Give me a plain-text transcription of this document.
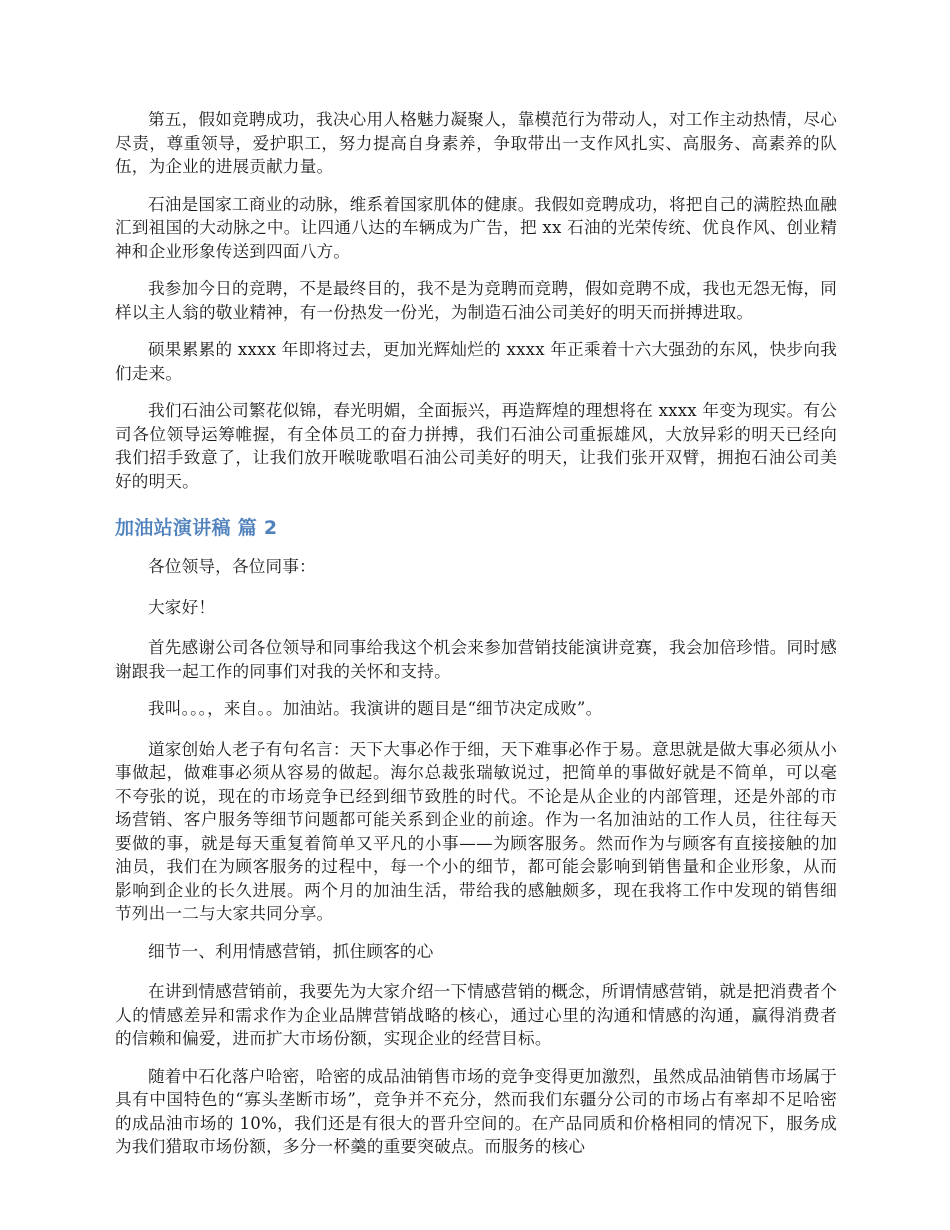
第五，假如竞聘成功，我决心用人格魅力凝聚人，靠模范行为带动人，对工作主动热情，尽心尽责，尊重领导，爱护职工，努力提高自身素养，争取带出一支作风扎实、高服务、高素养的队伍，为企业的进展贡献力量。

石油是国家工商业的动脉，维系着国家肌体的健康。我假如竞聘成功，将把自己的满腔热血融汇到祖国的大动脉之中。让四通八达的车辆成为广告，把 xx 石油的光荣传统、优良作风、创业精神和企业形象传送到四面八方。

我参加今日的竞聘，不是最终目的，我不是为竞聘而竞聘，假如竞聘不成，我也无怨无悔，同样以主人翁的敬业精神，有一份热发一份光，为制造石油公司美好的明天而拼搏进取。

硕果累累的 xxxx 年即将过去，更加光辉灿烂的 xxxx 年正乘着十六大强劲的东风，快步向我们走来。

我们石油公司繁花似锦，春光明媚，全面振兴，再造辉煌的理想将在 xxxx 年变为现实。有公司各位领导运筹帷握，有全体员工的奋力拼搏，我们石油公司重振雄风，大放异彩的明天已经向我们招手致意了，让我们放开喉咙歌唱石油公司美好的明天，让我们张开双臂，拥抱石油公司美好的明天。

加油站演讲稿 篇 2

各位领导，各位同事：

大家好！

首先感谢公司各位领导和同事给我这个机会来参加营销技能演讲竞赛，我会加倍珍惜。同时感谢跟我一起工作的同事们对我的关怀和支持。

我叫。。。，来自。。加油站。我演讲的题目是“细节决定成败”。

道家创始人老子有句名言：天下大事必作于细，天下难事必作于易。意思就是做大事必须从小事做起，做难事必须从容易的做起。海尔总裁张瑞敏说过，把简单的事做好就是不简单，可以毫不夸张的说，现在的市场竞争已经到细节致胜的时代。不论是从企业的内部管理，还是外部的市场营销、客户服务等细节问题都可能关系到企业的前途。作为一名加油站的工作人员，往往每天要做的事，就是每天重复着简单又平凡的小事——为顾客服务。然而作为与顾客有直接接触的加油员，我们在为顾客服务的过程中，每一个小的细节，都可能会影响到销售量和企业形象，从而影响到企业的长久进展。两个月的加油生活，带给我的感触颇多，现在我将工作中发现的销售细节列出一二与大家共同分享。

细节一、利用情感营销，抓住顾客的心

在讲到情感营销前，我要先为大家介绍一下情感营销的概念，所谓情感营销，就是把消费者个人的情感差异和需求作为企业品牌营销战略的核心，通过心里的沟通和情感的沟通，赢得消费者的信赖和偏爱，进而扩大市场份额，实现企业的经营目标。

随着中石化落户哈密，哈密的成品油销售市场的竞争变得更加激烈，虽然成品油销售市场属于具有中国特色的“寡头垄断市场”，竞争并不充分，然而我们东疆分公司的市场占有率却不足哈密的成品油市场的 10%，我们还是有很大的晋升空间的。在产品同质和价格相同的情况下，服务成为我们猎取市场份额，多分一杯羹的重要突破点。而服务的核心
